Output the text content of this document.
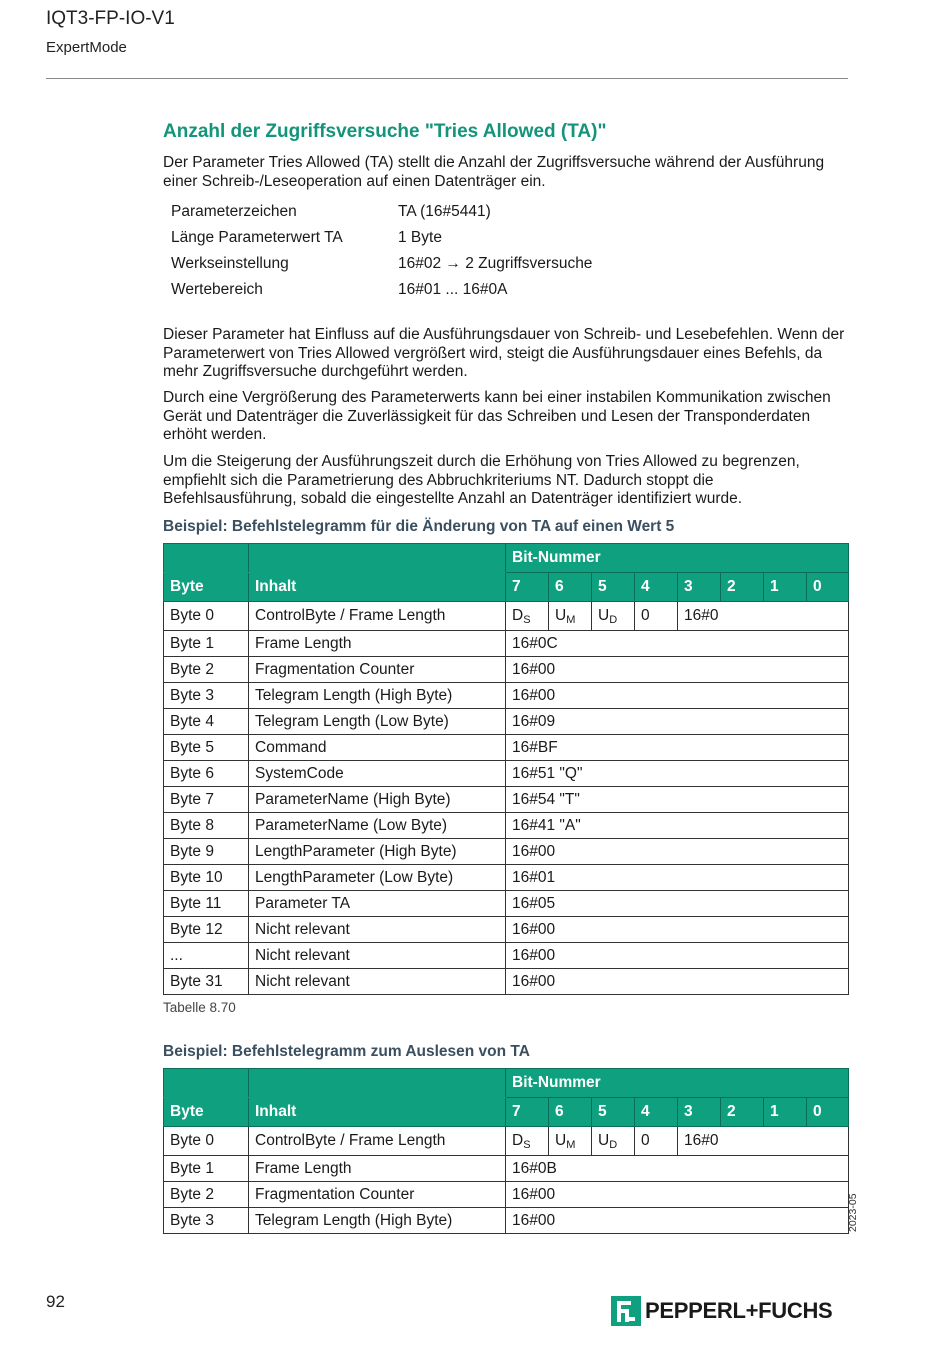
IQT3-FP-IO-V1
ExpertMode
Anzahl der Zugriffsversuche "Tries Allowed (TA)"

Der Parameter Tries Allowed (TA) stellt die Anzahl der Zugriffsversuche während der Ausführung einer Schreib-/Leseoperation auf einen Datenträger ein.

Parameterzeichen	TA (16#5441)
Länge Parameterwert TA	1 Byte
Werkseinstellung	16#02 → 2 Zugriffsversuche
Wertebereich	16#01 ... 16#0A

Dieser Parameter hat Einfluss auf die Ausführungsdauer von Schreib- und Lesebefehlen. Wenn der Parameterwert von Tries Allowed vergrößert wird, steigt die Ausführungsdauer eines Befehls, da mehr Zugriffsversuche durchgeführt werden.

Durch eine Vergrößerung des Parameterwerts kann bei einer instabilen Kommunikation zwischen Gerät und Datenträger die Zuverlässigkeit für das Schreiben und Lesen der Transponderdaten erhöht werden.

Um die Steigerung der Ausführungszeit durch die Erhöhung von Tries Allowed zu begrenzen, empfiehlt sich die Parametrierung des Abbruchkriteriums NT. Dadurch stoppt die Befehlsausführung, sobald die eingestellte Anzahl an Datenträger identifiziert wurde.

Beispiel: Befehlstelegramm für die Änderung von TA auf einen Wert 5
		Bit-Nummer							
Byte	Inhalt	7	6	5	4	3	2	1	0
Byte 0	ControlByte / Frame Length	$D_S$	$U_M$	$U_D$	0	16#0			
Byte 1	Frame Length	16#0C							
Byte 2	Fragmentation Counter	16#00							
Byte 3	Telegram Length (High Byte)	16#00							
Byte 4	Telegram Length (Low Byte)	16#09							
Byte 5	Command	16#BF							
Byte 6	SystemCode	16#51 "Q"							
Byte 7	ParameterName (High Byte)	16#54 "T"							
Byte 8	ParameterName (Low Byte)	16#41 "A"							
Byte 9	LengthParameter (High Byte)	16#00							
Byte 10	LengthParameter (Low Byte)	16#01							
Byte 11	Parameter TA	16#05							
Byte 12	Nicht relevant	16#00							
...	Nicht relevant	16#00							
Byte 31	Nicht relevant	16#00							
Tabelle 8.70
Beispiel: Befehlstelegramm zum Auslesen von TA
		Bit-Nummer							
Byte	Inhalt	7	6	5	4	3	2	1	0
Byte 0	ControlByte / Frame Length	$D_S$	$U_M$	$U_D$	0	16#0			
Byte 1	Frame Length	16#0B							
Byte 2	Fragmentation Counter	16#00							
Byte 3	Telegram Length (High Byte)	16#00								2023-05
92	PEPPERL+FUCHS
